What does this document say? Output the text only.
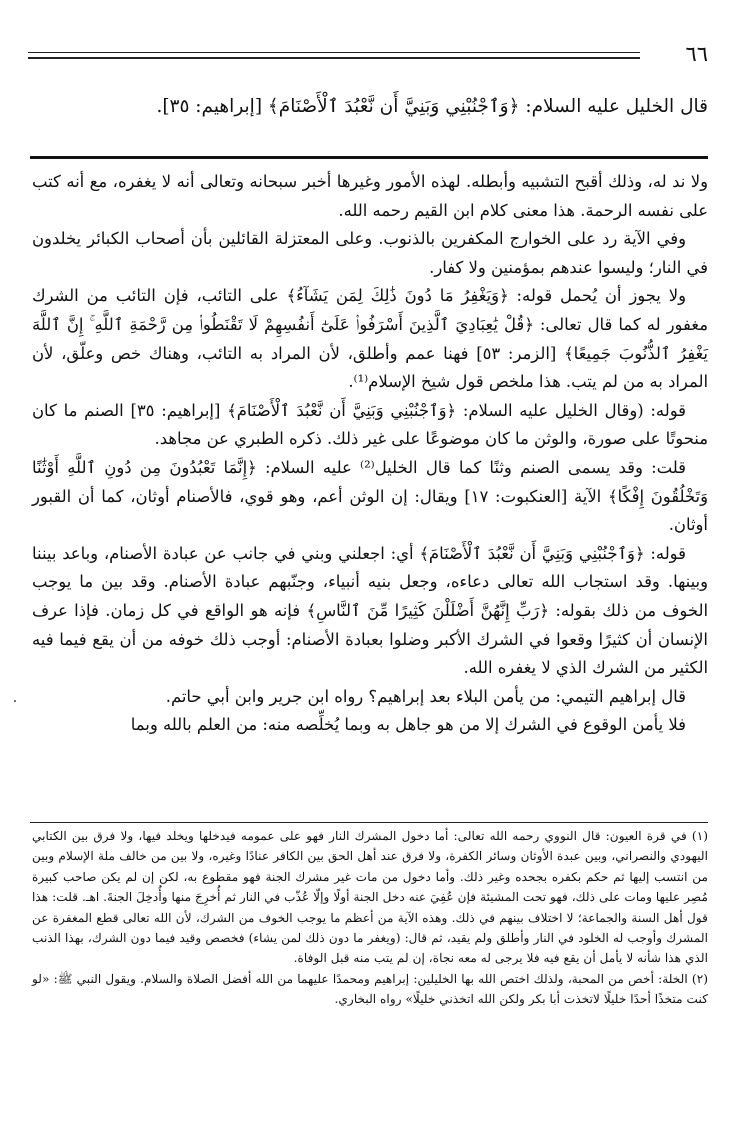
٦٦
قال الخليل عليه السلام: ﴿وَٱجْنُبْنِي وَبَنِيَّ أَن نَّعْبُدَ ٱلْأَصْنَامَ﴾ [إبراهيم: ٣٥].

ولا ند له، وذلك أقبح التشبيه وأبطله. لهذه الأمور وغيرها أخبر سبحانه وتعالى أنه لا يغفره، مع أنه كتب على نفسه الرحمة. هذا معنى كلام ابن القيم رحمه الله.

وفي الآية رد على الخوارج المكفرين بالذنوب. وعلى المعتزلة القائلين بأن أصحاب الكبائر يخلدون في النار؛ وليسوا عندهم بمؤمنين ولا كفار.

ولا يجوز أن يُحمل قوله: ﴿وَيَغْفِرُ مَا دُونَ ذَٰلِكَ لِمَن يَشَآءُ﴾ على التائب، فإن التائب من الشرك مغفور له كما قال تعالى: ﴿قُلْ يَٰعِبَادِيَ ٱلَّذِينَ أَسْرَفُوا۟ عَلَىٰٓ أَنفُسِهِمْ لَا تَقْنَطُوا۟ مِن رَّحْمَةِ ٱللَّهِ ۚ إِنَّ ٱللَّهَ يَغْفِرُ ٱلذُّنُوبَ جَمِيعًا﴾ [الزمر: ٥٣] فهنا عمم وأطلق، لأن المراد به التائب، وهناك خص وعلّق، لأن المراد به من لم يتب. هذا ملخص قول شيخ الإسلام⁽¹⁾.

قوله: (وقال الخليل عليه السلام: ﴿وَٱجْنُبْنِي وَبَنِيَّ أَن نَّعْبُدَ ٱلْأَصْنَامَ﴾ [إبراهيم: ٣٥] الصنم ما كان منحوتًا على صورة، والوثن ما كان موضوعًا على غير ذلك. ذكره الطبري عن مجاهد.

قلت: وقد يسمى الصنم وثنًا كما قال الخليل⁽²⁾ عليه السلام: ﴿إِنَّمَا تَعْبُدُونَ مِن دُونِ ٱللَّهِ أَوْثَٰنًا وَتَخْلُقُونَ إِفْكًا﴾ الآية [العنكبوت: ١٧] ويقال: إن الوثن أعم، وهو قوي، فالأصنام أوثان، كما أن القبور أوثان.

قوله: ﴿وَٱجْنُبْنِي وَبَنِيَّ أَن نَّعْبُدَ ٱلْأَصْنَامَ﴾ أي: اجعلني وبني في جانب عن عبادة الأصنام، وباعد بيننا وبينها. وقد استجاب الله تعالى دعاءه، وجعل بنيه أنبياء، وجنّبهم عبادة الأصنام. وقد بين ما يوجب الخوف من ذلك بقوله: ﴿رَبِّ إِنَّهُنَّ أَضْلَلْنَ كَثِيرًا مِّنَ ٱلنَّاسِ﴾ فإنه هو الواقع في كل زمان. فإذا عرف الإنسان أن كثيرًا وقعوا في الشرك الأكبر وضلوا بعبادة الأصنام: أوجب ذلك خوفه من أن يقع فيما فيه الكثير من الشرك الذي لا يغفره الله.

قال إبراهيم التيمي: من يأمن البلاء بعد إبراهيم؟ رواه ابن جرير وابن أبي حاتم.

فلا يأمن الوقوع في الشرك إلا من هو جاهل به وبما يُخلِّصه منه: من العلم بالله وبما

(١) في قرة العيون: قال النووي رحمه الله تعالى: أما دخول المشرك النار فهو على عمومه فيدخلها ويخلد فيها، ولا فرق بين الكتابي اليهودي والنصراني، وبين عبدة الأوثان وسائر الكفرة، ولا فرق عند أهل الحق بين الكافر عنادًا وغيره، ولا بين من خالف ملة الإسلام وبين من انتسب إليها ثم حكم بكفره بجحده وغير ذلك. وأما دخول من مات غير مشرك الجنة فهو مقطوع به، لكن إن لم يكن صاحب كبيرة مُصِر عليها ومات على ذلك، فهو تحت المشيئة فإن عُفِيَ عنه دخل الجنة أولًا وإلّا عُذّب في النار ثم أُخرِجَ منها وأُدخِلَ الجنةَ. اهـ. قلت: هذا قول أهل السنة والجماعة؛ لا اختلاف بينهم في ذلك. وهذه الآية من أعظم ما يوجب الخوف من الشرك، لأن الله تعالى قطع المغفرة عن المشرك وأوجب له الخلود في النار وأطلق ولم يقيد، ثم قال: (ويغفر ما دون ذلك لمن يشاء) فخصص وقيد فيما دون الشرك، بهذا الذنب الذي هذا شأنه لا يأمل أن يقع فيه فلا يرجى له معه نجاة، إن لم يتب منه قبل الوفاة.

(٢) الخلة: أخص من المحبة، ولذلك اختص الله بها الخليلين: إبراهيم ومحمدًا عليهما من الله أفضل الصلاة والسلام. ويقول النبي ﷺ: «لو كنت متخذًا أحدًا خليلًا لاتخذت أبا بكر ولكن الله اتخذني خليلًا» رواه البخاري.
